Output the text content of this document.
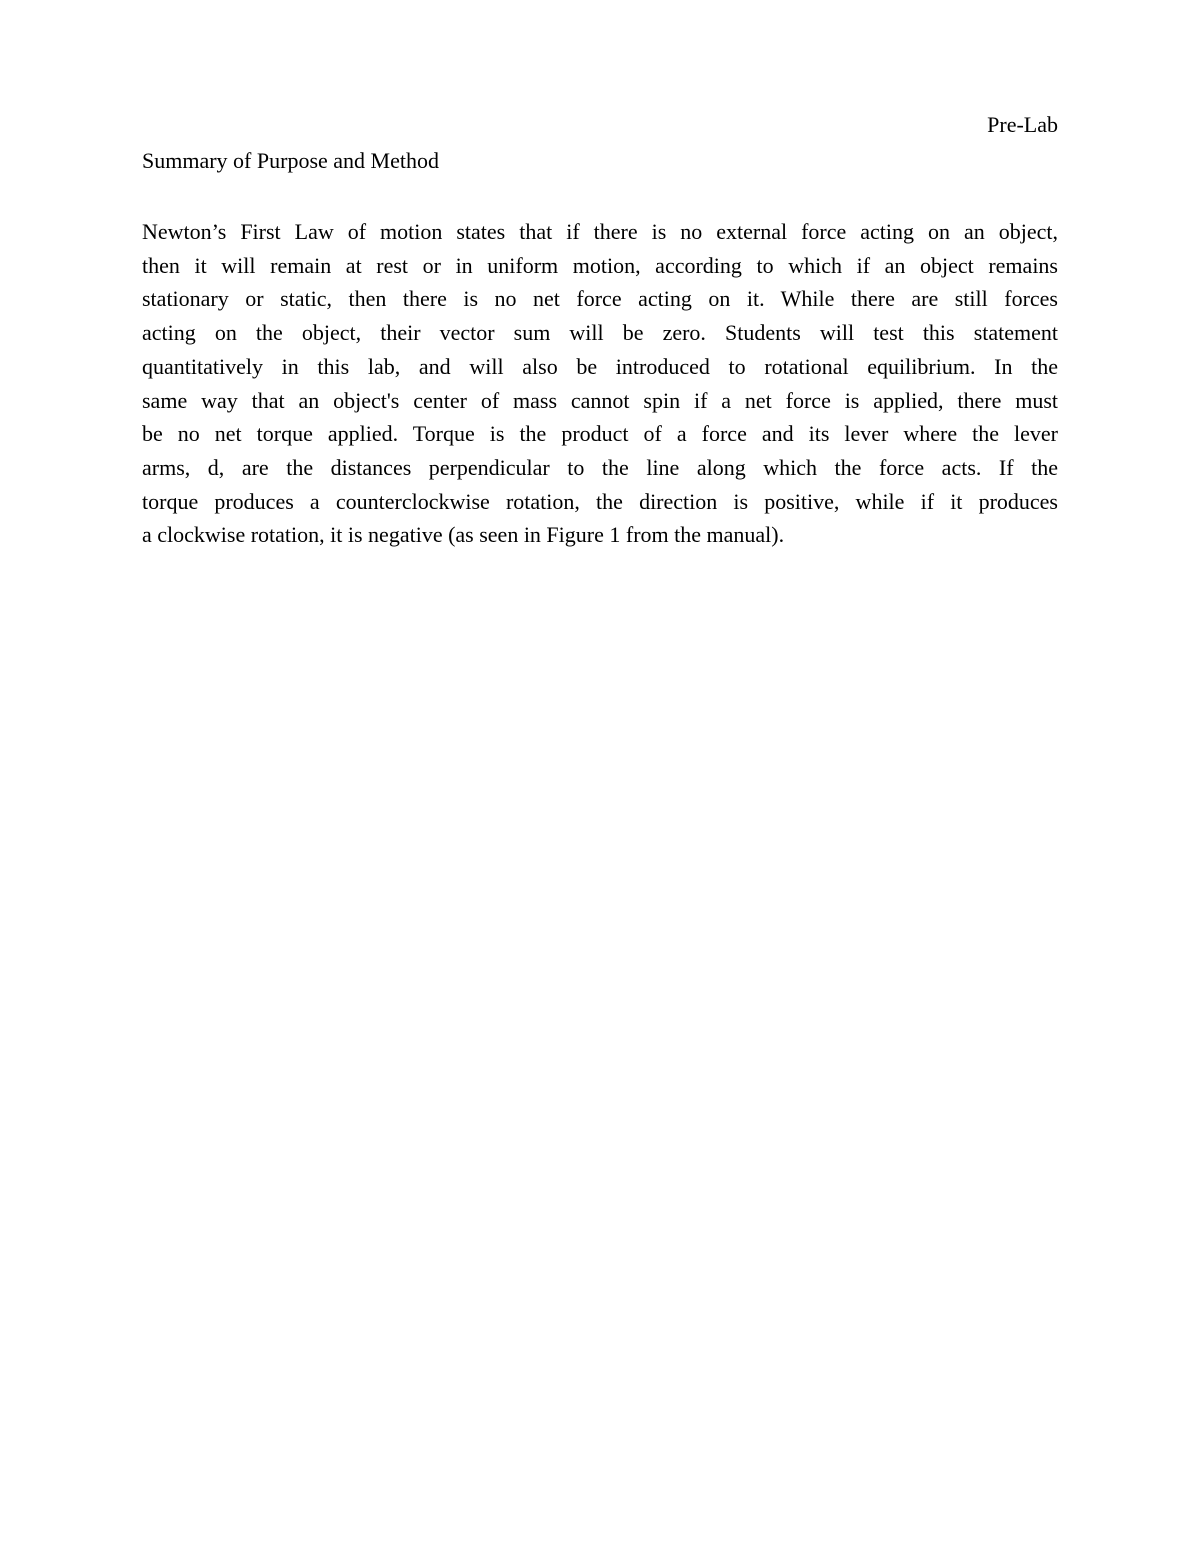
Pre-Lab
Summary of Purpose and Method
Newton’s First Law of motion states that if there is no external force acting on an object,
then it will remain at rest or in uniform motion, according to which if an object remains
stationary or static, then there is no net force acting on it. While there are still forces
acting on the object, their vector sum will be zero. Students will test this statement
quantitatively in this lab, and will also be introduced to rotational equilibrium. In the
same way that an object's center of mass cannot spin if a net force is applied, there must
be no net torque applied. Torque is the product of a force and its lever where the lever
arms, d, are the distances perpendicular to the line along which the force acts. If the
torque produces a counterclockwise rotation, the direction is positive, while if it produces
a clockwise rotation, it is negative (as seen in Figure 1 from the manual).
